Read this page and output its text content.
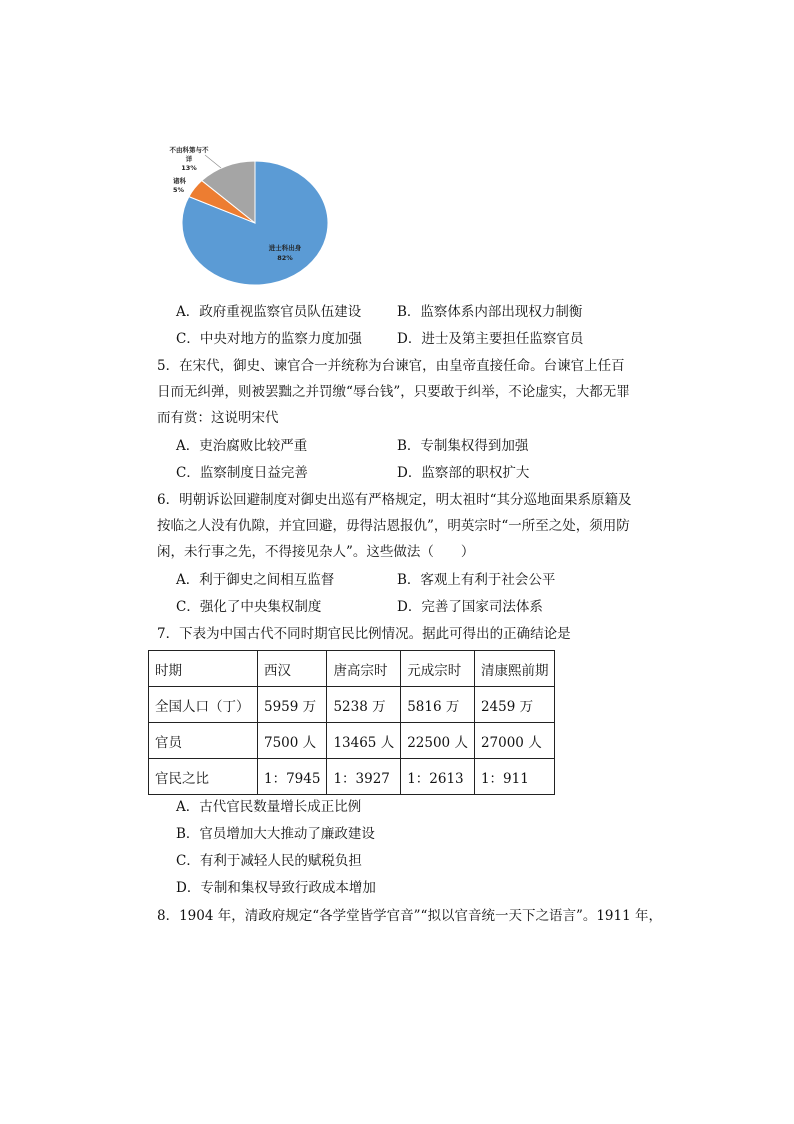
进士科出身
82%
诸科
5%
不由科第与不
详
13%
A．政府重视监察官员队伍建设	B．监察体系内部出现权力制衡
C．中央对地方的监察力度加强	D．进士及第主要担任监察官员
5．在宋代，御史、谏官合一并统称为台谏官，由皇帝直接任命。台谏官上任百
日而无纠弹，则被罢黜之并罚缴“辱台钱”，只要敢于纠举，不论虚实，大都无罪
而有赏：这说明宋代
A．吏治腐败比较严重	B．专制集权得到加强
C．监察制度日益完善	D．监察部的职权扩大
6．明朝诉讼回避制度对御史出巡有严格规定，明太祖时“其分巡地面果系原籍及
按临之人没有仇隙，并宜回避，毋得沽恩报仇”，明英宗时“一所至之处，须用防
闲，未行事之先，不得接见杂人”。这些做法（　　）
A．利于御史之间相互监督	B．客观上有利于社会公平
C．强化了中央集权制度	D．完善了国家司法体系
7．下表为中国古代不同时期官民比例情况。据此可得出的正确结论是
时期	西汉	唐高宗时	元成宗时	清康熙前期
全国人口（丁）	5959 万	5238 万	5816 万	2459 万
官员	7500 人	13465 人	22500 人	27000 人
官民之比	1：7945	1：3927	1：2613	1：911
A．古代官民数量增长成正比例
B．官员增加大大推动了廉政建设
C．有利于减轻人民的赋税负担
D．专制和集权导致行政成本增加
8．1904 年，清政府规定“各学堂皆学官音”“拟以官音统一天下之语言”。1911 年，
